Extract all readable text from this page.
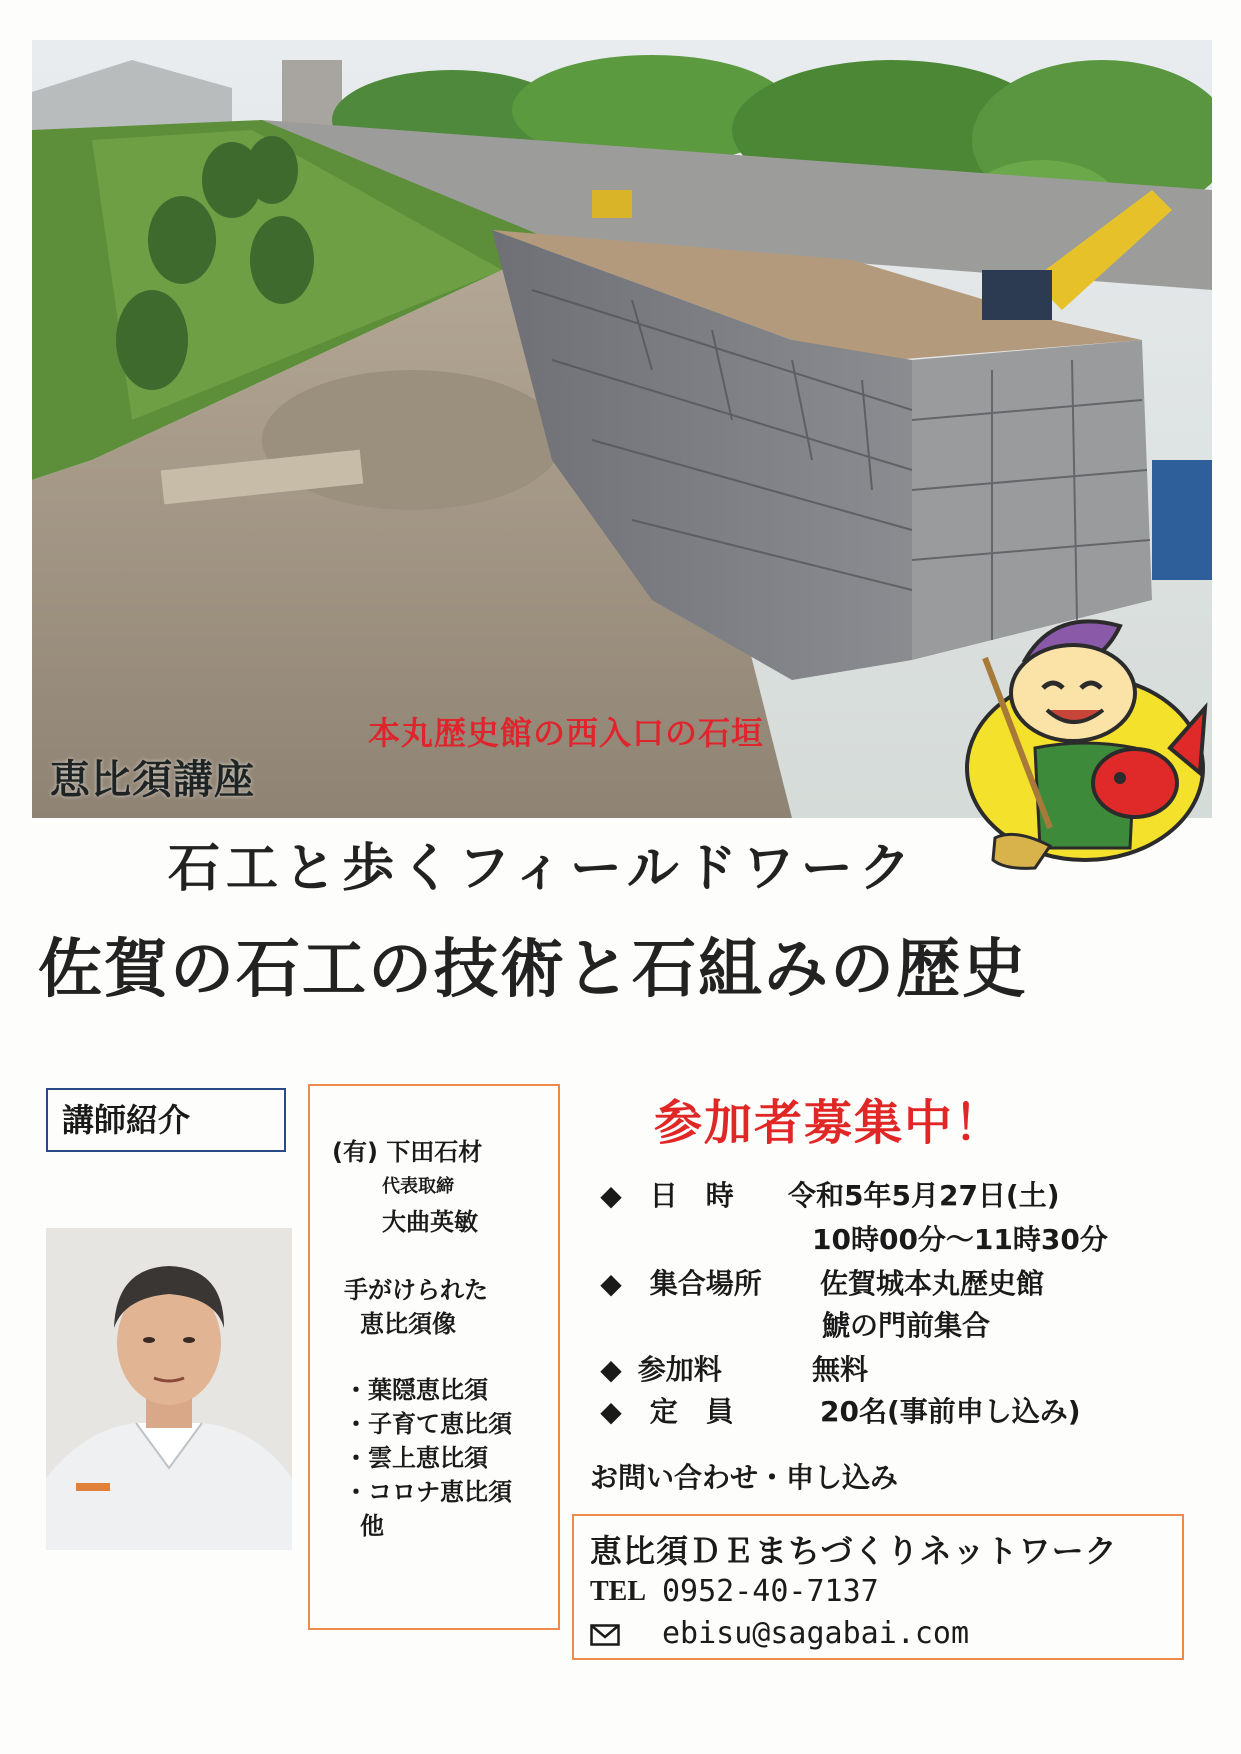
本丸歴史館の西入口の石垣
恵比須講座
石工と歩くフィールドワーク
佐賀の石工の技術と石組みの歴史
講師紹介
(有) 下田石材
代表取締
大曲英敏
手がけられた
恵比須像
・葉隠恵比須
・子育て恵比須
・雲上恵比須
・コロナ恵比須
他
参加者募集中！
◆ 日　時 令和5年5月27日(土)
10時00分～11時30分
◆ 集合場所 佐賀城本丸歴史館
鯱の門前集合
◆ 参加料	無料
◆ 定　員	20名(事前申し込み)
お問い合わせ・申し込み
恵比須ＤＥまちづくりネットワーク
TEL 0952-40-7137
ebisu@sagabai.com
